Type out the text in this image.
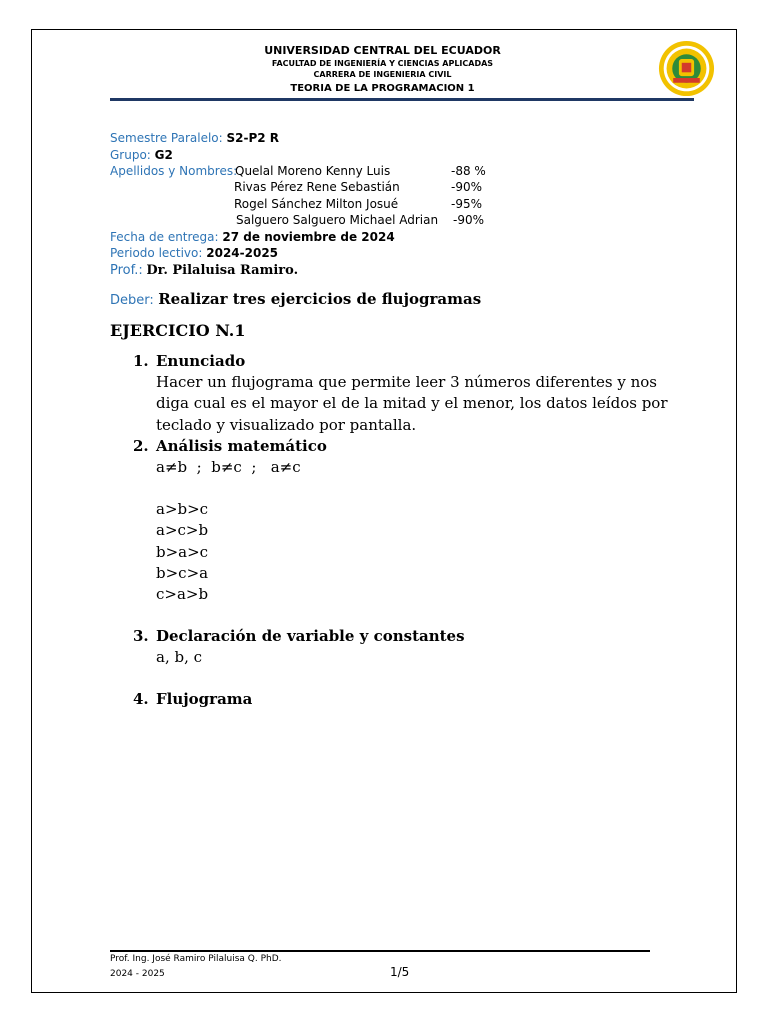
UNIVERSIDAD CENTRAL DEL ECUADOR
FACULTAD DE INGENIERÍA Y CIENCIAS APLICADAS
CARRERA DE INGENIERIA CIVIL
TEORIA DE LA PROGRAMACION 1
Semestre Paralelo: S2-P2 R
Grupo: G2
Apellidos y Nombres:
Quelal Moreno Kenny Luis	-88 %
Rivas Pérez Rene Sebastián	-90%
Rogel Sánchez Milton Josué	-95%
Salguero Salguero Michael Adrian -90%
Fecha de entrega: 27 de noviembre de 2024
Periodo lectivo: 2024-2025
Prof.: Dr. Pilaluisa Ramiro.
Deber: Realizar tres ejercicios de flujogramas
EJERCICIO N.1
1. Enunciado
Hacer un flujograma que permite leer 3 números diferentes y nos
diga cual es el mayor el de la mitad y el menor, los datos leídos por
teclado y visualizado por pantalla.
2. Análisis matemático
a≠b  ;  b≠c  ;   a≠c
a>b>c
a>c>b
b>a>c
b>c>a
c>a>b
3. Declaración de variable y constantes
a, b, c
4. Flujograma
Prof. Ing. José Ramiro Pilaluisa Q. PhD.
2024 - 2025	1/5
